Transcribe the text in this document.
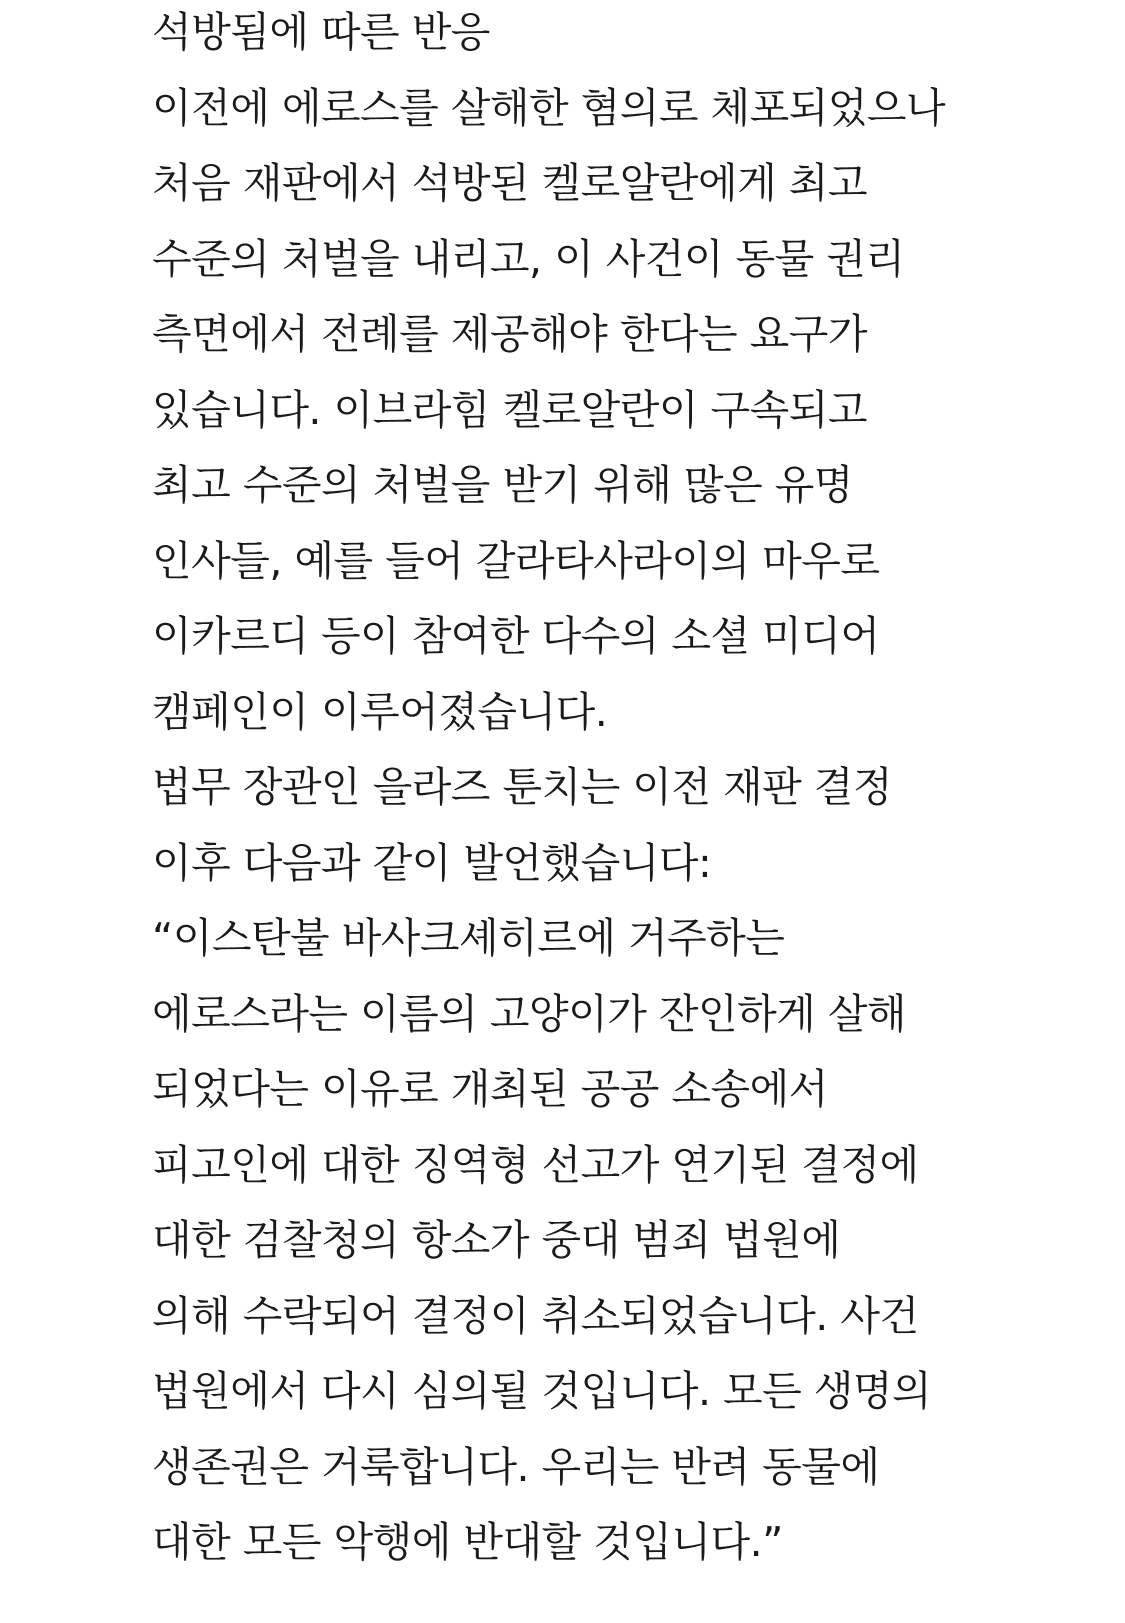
석방됨에 따른 반응
이전에 에로스를 살해한 혐의로 체포되었으나
처음 재판에서 석방된 켈로알란에게 최고
수준의 처벌을 내리고, 이 사건이 동물 권리
측면에서 전례를 제공해야 한다는 요구가
있습니다. 이브라힘 켈로알란이 구속되고
최고 수준의 처벌을 받기 위해 많은 유명
인사들, 예를 들어 갈라타사라이의 마우로
이카르디 등이 참여한 다수의 소셜 미디어
캠페인이 이루어졌습니다.
법무 장관인 을라즈 툰치는 이전 재판 결정
이후 다음과 같이 발언했습니다:
“이스탄불 바사크셰히르에 거주하는
에로스라는 이름의 고양이가 잔인하게 살해
되었다는 이유로 개최된 공공 소송에서
피고인에 대한 징역형 선고가 연기된 결정에
대한 검찰청의 항소가 중대 범죄 법원에
의해 수락되어 결정이 취소되었습니다. 사건
법원에서 다시 심의될 것입니다. 모든 생명의
생존권은 거룩합니다. 우리는 반려 동물에
대한 모든 악행에 반대할 것입니다.”
